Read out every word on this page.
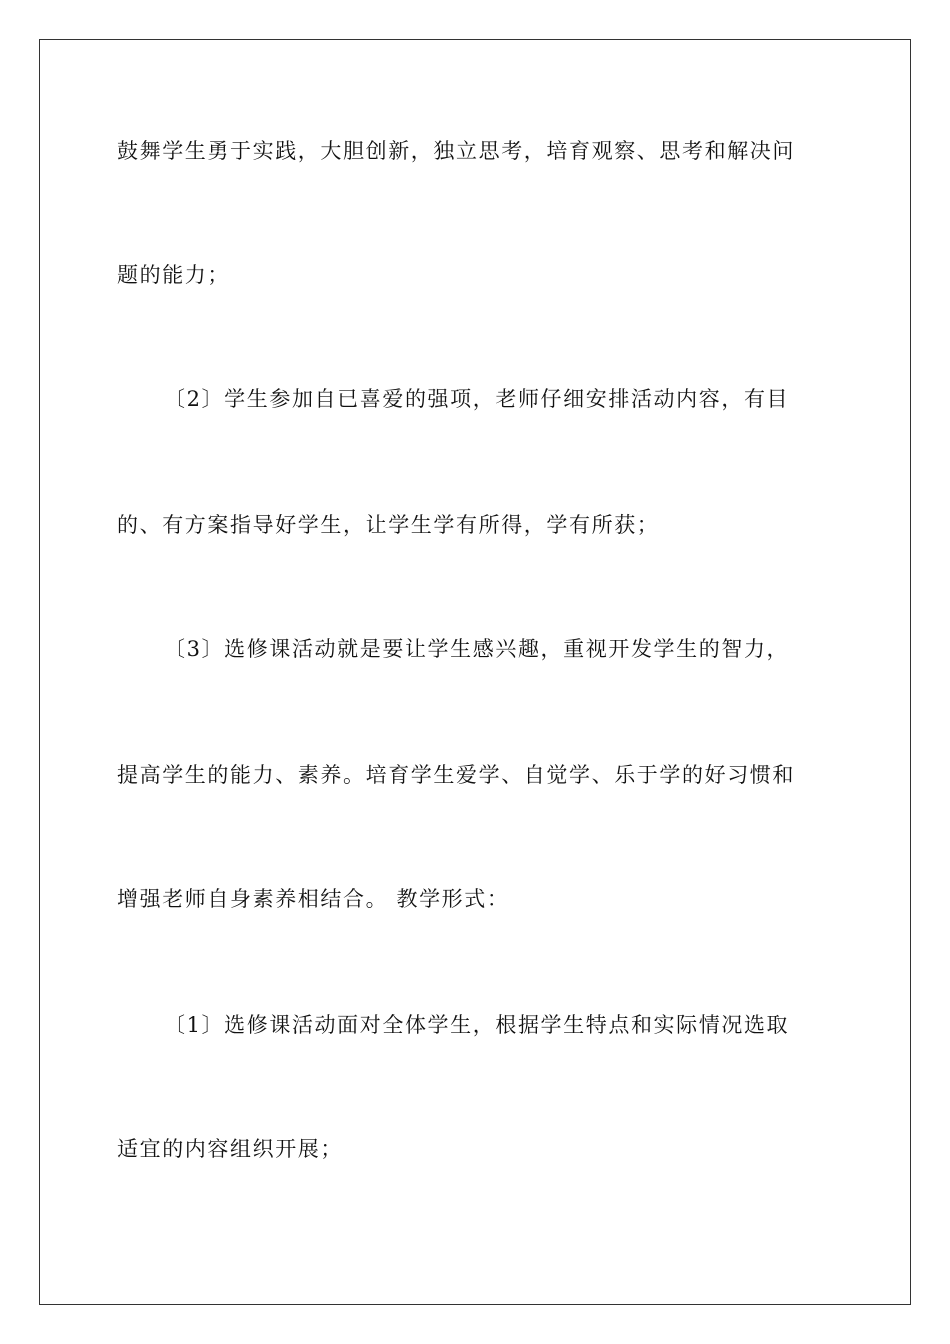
鼓舞学生勇于实践，大胆创新，独立思考，培育观察、思考和解决问
题的能力；
〔2〕学生参加自已喜爱的强项，老师仔细安排活动内容，有目
的、有方案指导好学生，让学生学有所得，学有所获；
〔3〕选修课活动就是要让学生感兴趣，重视开发学生的智力，
提高学生的能力、素养。培育学生爱学、自觉学、乐于学的好习惯和
增强老师自身素养相结合。 教学形式：
〔1〕选修课活动面对全体学生，根据学生特点和实际情况选取
适宜的内容组织开展；
